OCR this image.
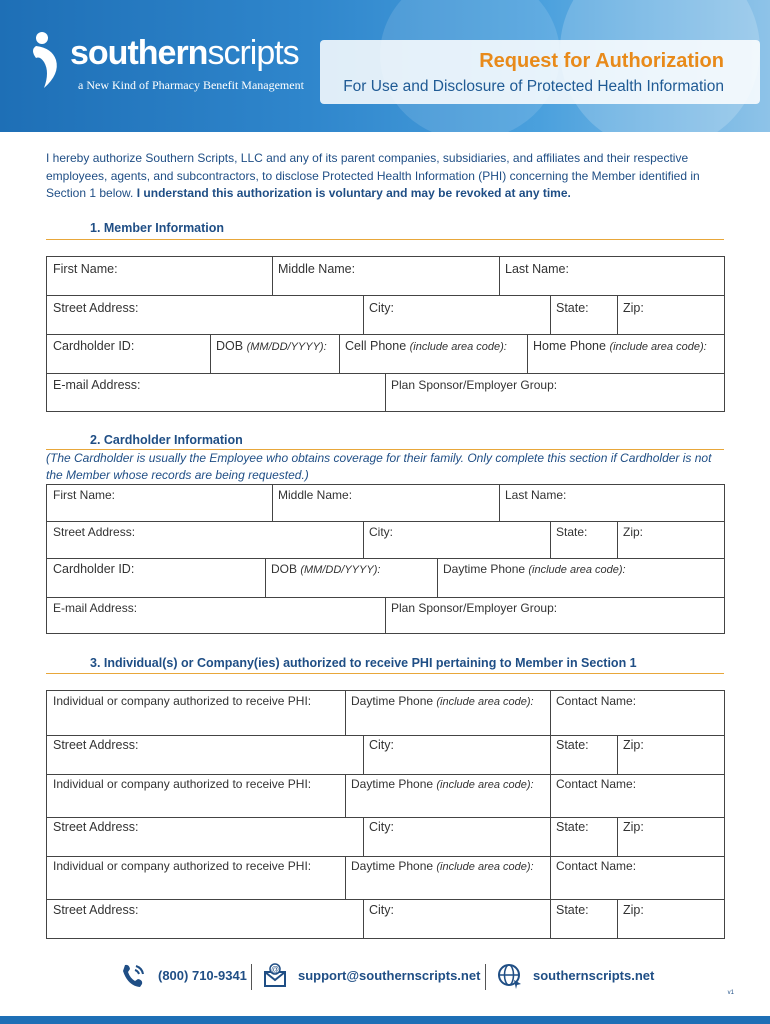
southernscripts
a New Kind of Pharmacy Benefit Management
Request for Authorization
For Use and Disclosure of Protected Health Information
I hereby authorize Southern Scripts, LLC and any of its parent companies, subsidiaries, and affiliates and their respective employees, agents, and subcontractors, to disclose Protected Health Information (PHI) concerning the Member identified in Section 1 below. I understand this authorization is voluntary and may be revoked at any time.
1. Member Information
First Name:	Middle Name:	Last Name:
Street Address:	City:	State:	Zip:
Cardholder ID:	DOB (MM/DD/YYYY): Cell Phone (include area code): Home Phone (include area code):
E-mail Address:	Plan Sponsor/Employer Group:
2. Cardholder Information
(The Cardholder is usually the Employee who obtains coverage for their family. Only complete this section if Cardholder is not the Member whose records are being requested.)
First Name:	Middle Name:	Last Name:
Street Address:	City:	State:	Zip:
Cardholder ID:	DOB (MM/DD/YYYY):	Daytime Phone (include area code):
E-mail Address:	Plan Sponsor/Employer Group:
3. Individual(s) or Company(ies) authorized to receive PHI pertaining to Member in Section 1
Individual or company authorized to receive PHI:	Daytime Phone (include area code): Contact Name:
Street Address:	City:	State:	Zip:
Individual or company authorized to receive PHI:	Daytime Phone (include area code): Contact Name:
Street Address:	City:	State:	Zip:
Individual or company authorized to receive PHI:	Daytime Phone (include area code): Contact Name:
Street Address:	City:	State:	Zip:
(800) 710-9341	@ support@southernscripts.net	southernscripts.net
v1
